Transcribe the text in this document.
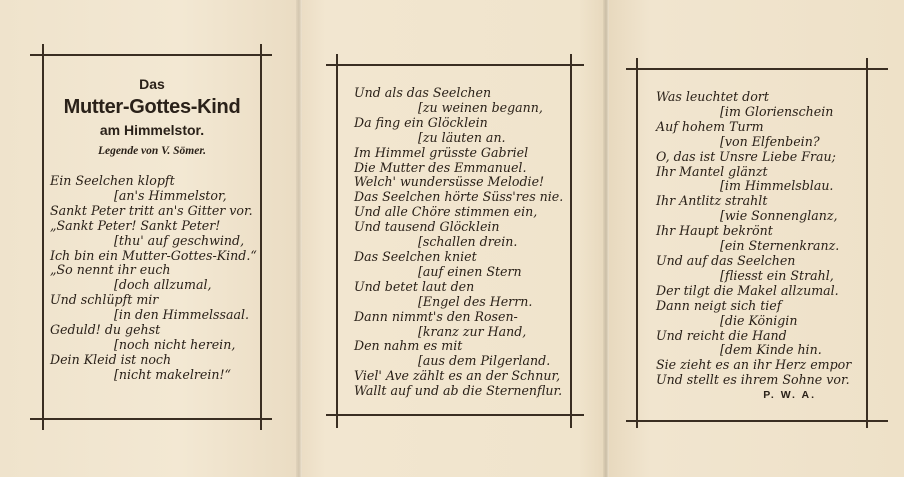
Das
Mutter-Gottes-Kind
am Himmelstor.
Legende von V. Sömer.
Ein Seelchen klopft
[an's Himmelstor,
Sankt Peter tritt an's Gitter vor.
„Sankt Peter! Sankt Peter!
[thu' auf geschwind,
Ich bin ein Mutter-Gottes-Kind.“
„So nennt ihr euch
[doch allzumal,
Und schlüpft mir
[in den Himmelssaal.
Geduld! du gehst
[noch nicht herein,
Dein Kleid ist noch
[nicht makelrein!“
Und als das Seelchen
[zu weinen begann,
Da fing ein Glöcklein
[zu läuten an.
Im Himmel grüsste Gabriel
Die Mutter des Emmanuel.
Welch' wundersüsse Melodie!
Das Seelchen hörte Süss'res nie.
Und alle Chöre stimmen ein,
Und tausend Glöcklein
[schallen drein.
Das Seelchen kniet
[auf einen Stern
Und betet laut den
[Engel des Herrn.
Dann nimmt's den Rosen-
[kranz zur Hand,
Den nahm es mit
[aus dem Pilgerland.
Viel' Ave zählt es an der Schnur,
Wallt auf und ab die Sternenflur.
Was leuchtet dort
[im Glorienschein
Auf hohem Turm
[von Elfenbein?
O, das ist Unsre Liebe Frau;
Ihr Mantel glänzt
[im Himmelsblau.
Ihr Antlitz strahlt
[wie Sonnenglanz,
Ihr Haupt bekrönt
[ein Sternenkranz.
Und auf das Seelchen
[fliesst ein Strahl,
Der tilgt die Makel allzumal.
Dann neigt sich tief
[die Königin
Und reicht die Hand
[dem Kinde hin.
Sie zieht es an ihr Herz empor
Und stellt es ihrem Sohne vor.
P. W. A.
